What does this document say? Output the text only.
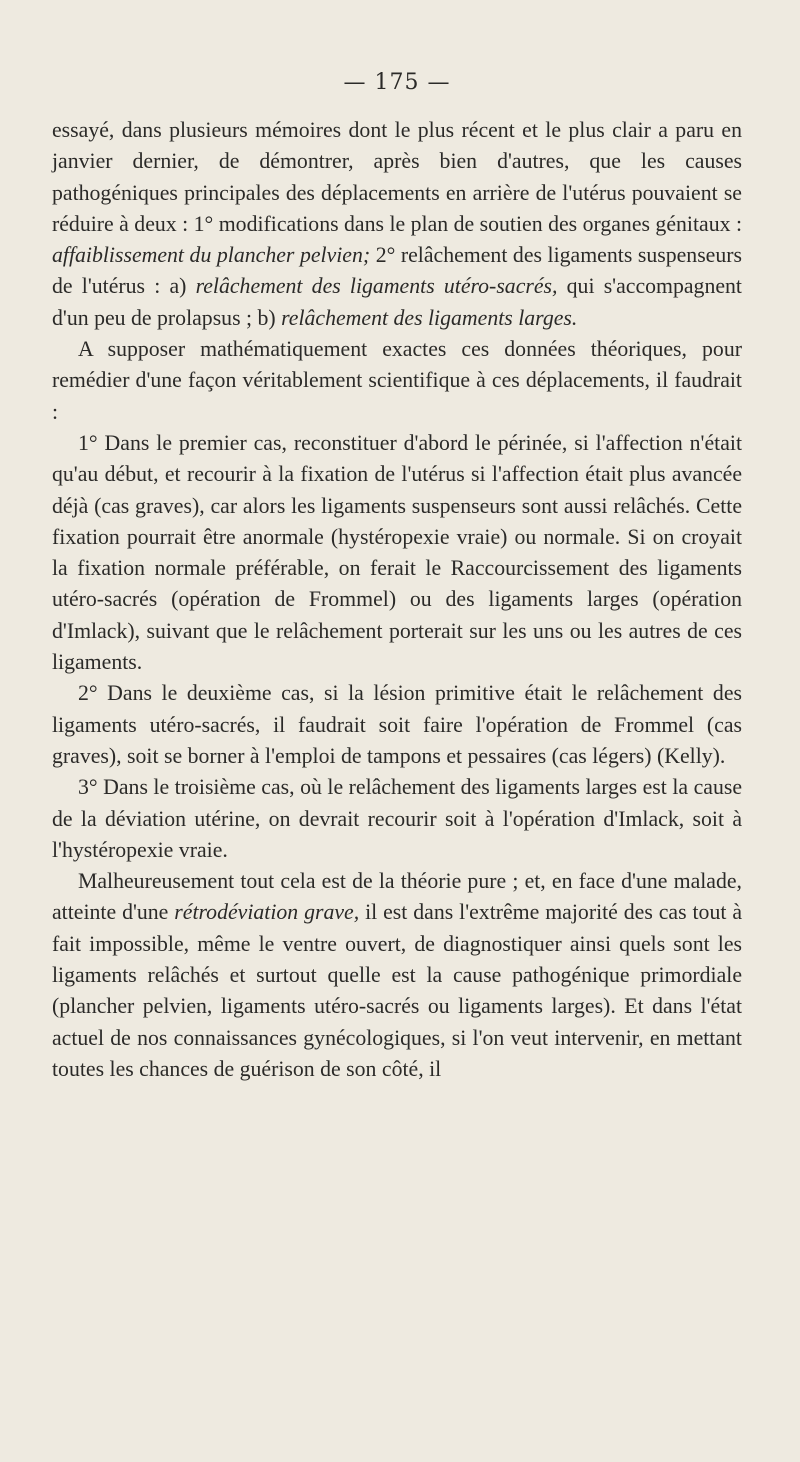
— 175 —

essayé, dans plusieurs mémoires dont le plus récent et le plus clair a paru en janvier dernier, de démontrer, après bien d'autres, que les causes pathogéniques principales des déplacements en arrière de l'utérus pouvaient se réduire à deux : 1° modifications dans le plan de soutien des organes génitaux : affaiblissement du plancher pelvien; 2° relâchement des ligaments suspenseurs de l'utérus : a) relâchement des ligaments utéro-sacrés, qui s'accompagnent d'un peu de prolapsus ; b) relâchement des ligaments larges.

A supposer mathématiquement exactes ces données théoriques, pour remédier d'une façon véritablement scientifique à ces déplacements, il faudrait :

1° Dans le premier cas, reconstituer d'abord le périnée, si l'affection n'était qu'au début, et recourir à la fixation de l'utérus si l'affection était plus avancée déjà (cas graves), car alors les ligaments suspenseurs sont aussi relâchés. Cette fixation pourrait être anormale (hystéropexie vraie) ou normale. Si on croyait la fixation normale préférable, on ferait le Raccourcissement des ligaments utéro-sacrés (opération de Frommel) ou des ligaments larges (opération d'Imlack), suivant que le relâchement porterait sur les uns ou les autres de ces ligaments.

2° Dans le deuxième cas, si la lésion primitive était le relâchement des ligaments utéro-sacrés, il faudrait soit faire l'opération de Frommel (cas graves), soit se borner à l'emploi de tampons et pessaires (cas légers) (Kelly).

3° Dans le troisième cas, où le relâchement des ligaments larges est la cause de la déviation utérine, on devrait recourir soit à l'opération d'Imlack, soit à l'hystéropexie vraie.

Malheureusement tout cela est de la théorie pure ; et, en face d'une malade, atteinte d'une rétrodéviation grave, il est dans l'extrême majorité des cas tout à fait impossible, même le ventre ouvert, de diagnostiquer ainsi quels sont les ligaments relâchés et surtout quelle est la cause pathogénique primordiale (plancher pelvien, ligaments utéro-sacrés ou ligaments larges). Et dans l'état actuel de nos connaissances gynécologiques, si l'on veut intervenir, en mettant toutes les chances de guérison de son côté, il
